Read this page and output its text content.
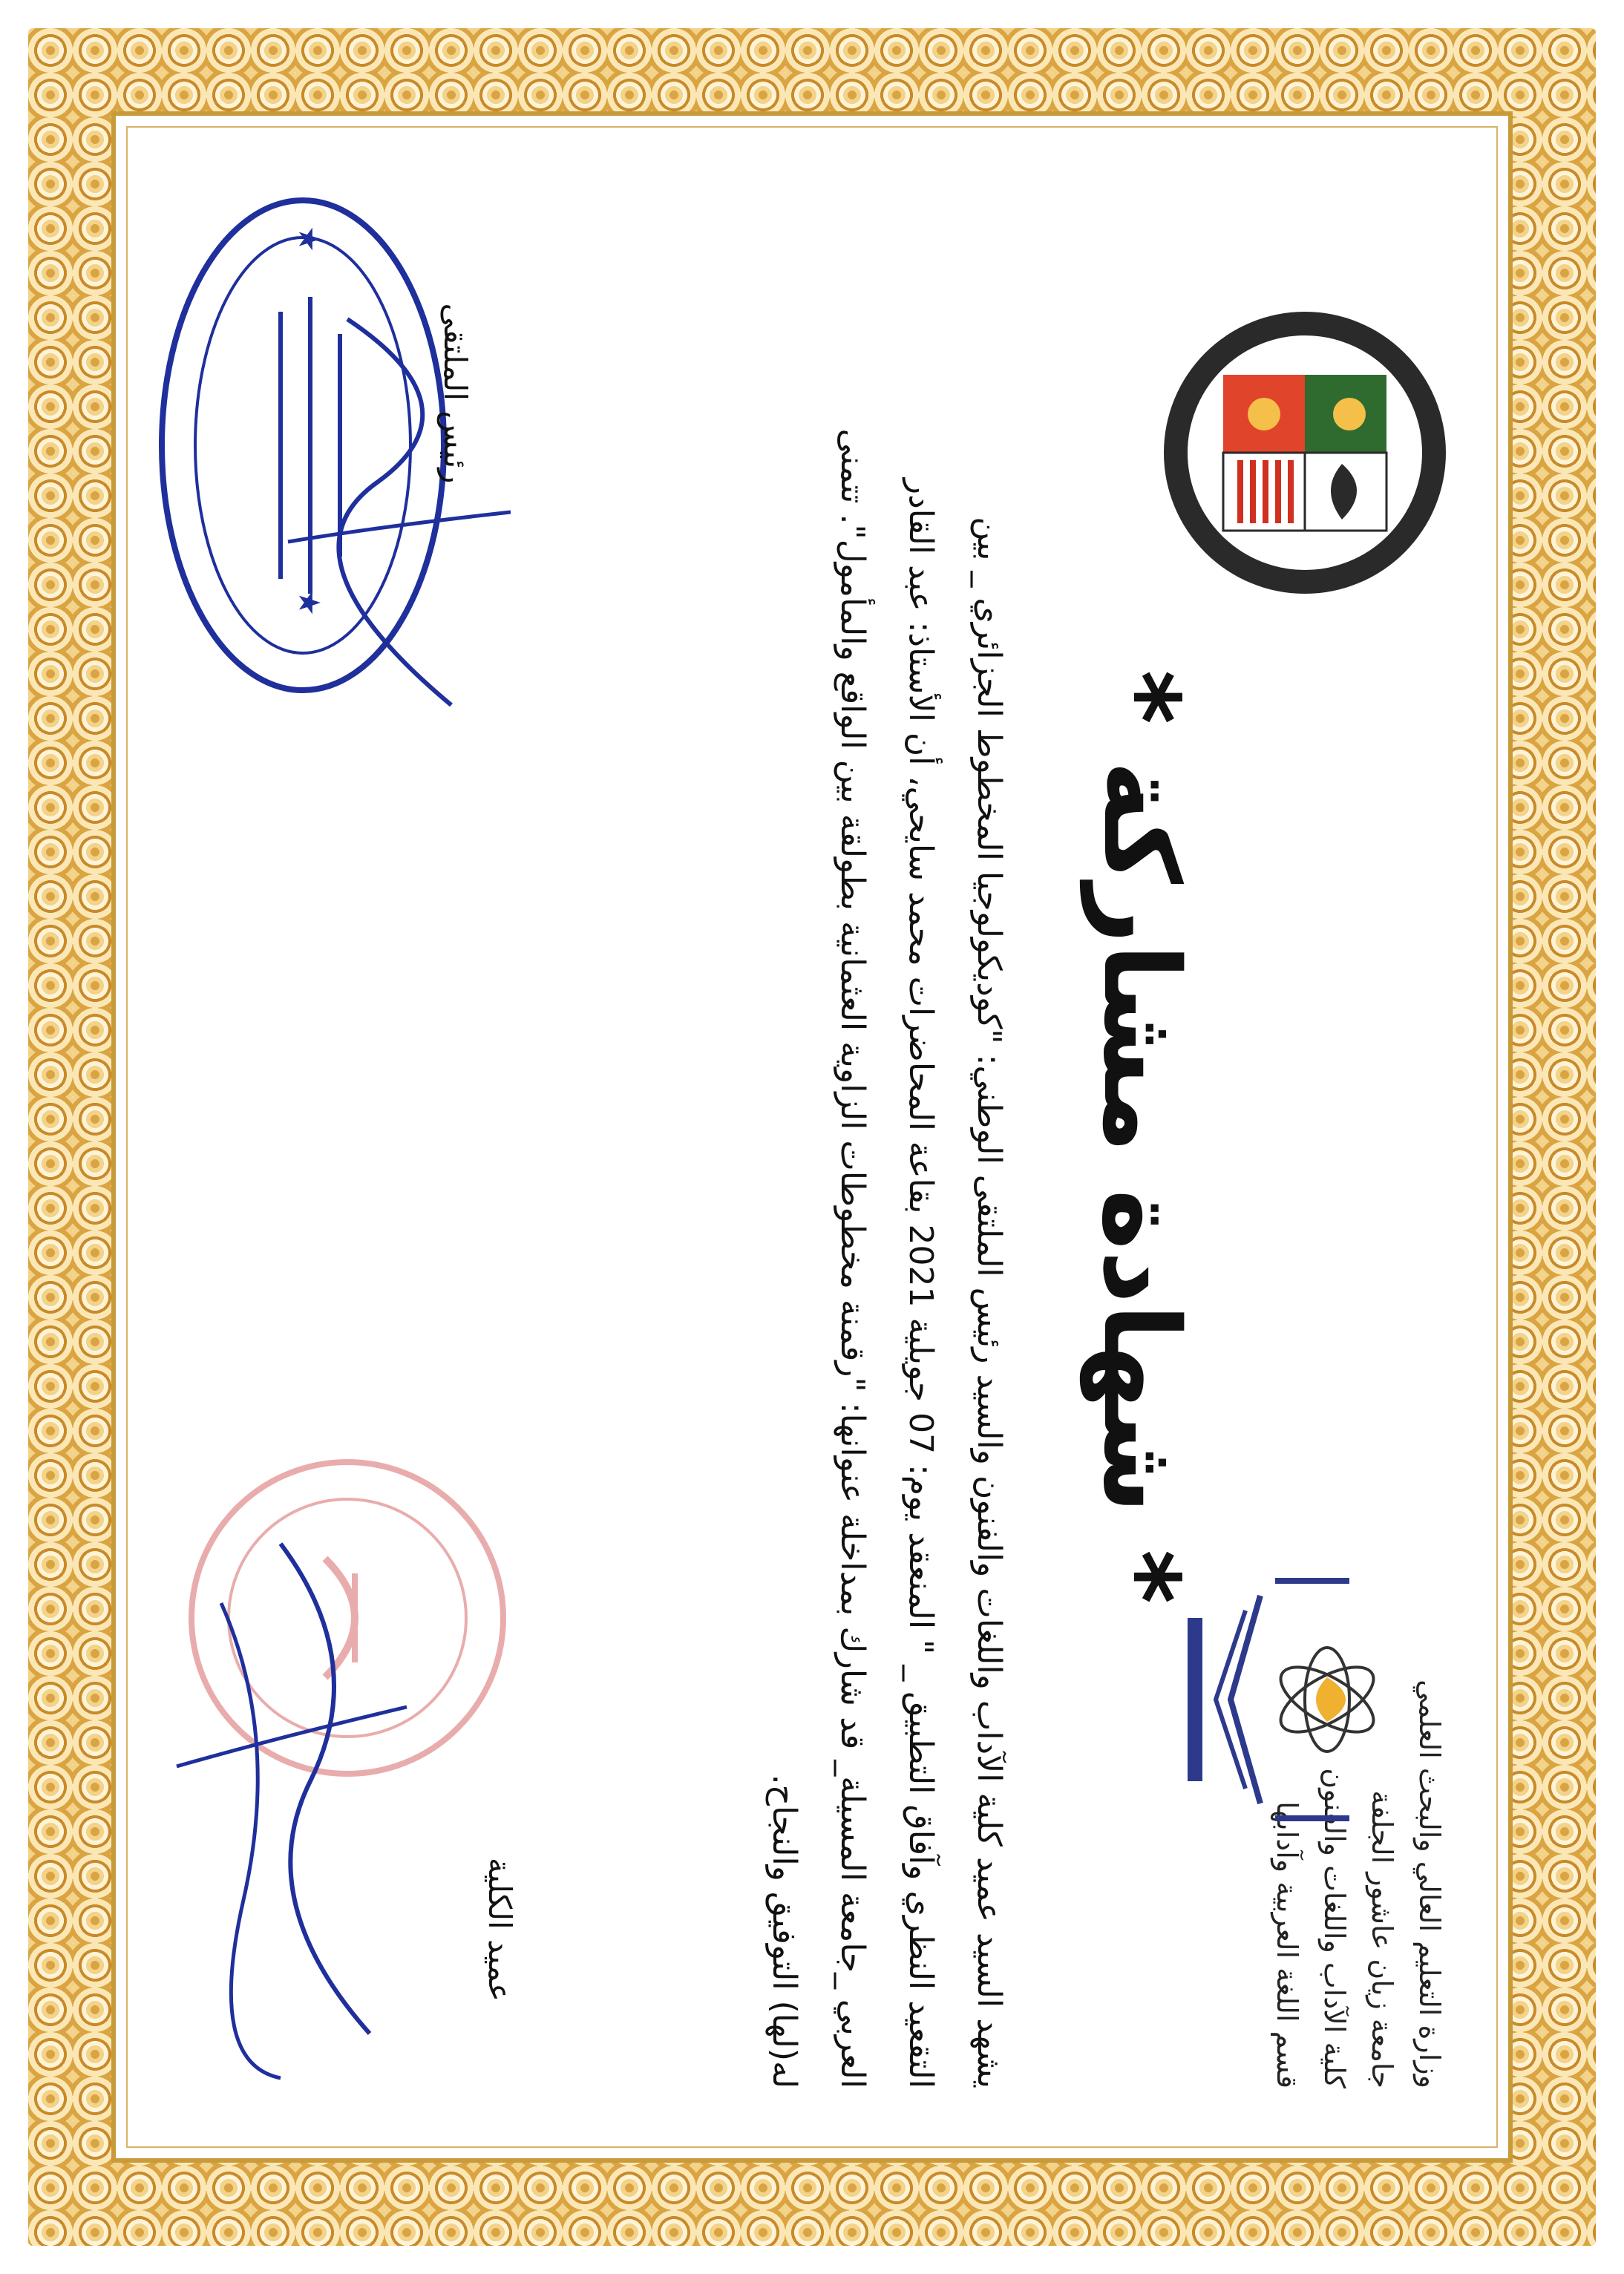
وزارة التعليم العالي والبحث العلمي
جامعة زيان عاشور الجلفة
كلية الآداب واللغات والفنون
قسم اللغة العربية وآدابها
* شهادة مشاركة *

يشهد السيد عميد كلية الآداب واللغات والفنون والسيد رئيس الملتقى الوطني: "كوديكولوجيا المخطوط الجزائري _ بين

التقعيد النظري وآفاق التطبيق _ " المنعقد يوم: 07 جويلية 2021 بقاعة المحاضرات محمد سايحي، أن الأستاذ: عبد القادر

العربي _جامعة المسيلة_ قد شارك بمداخلة عنوانها: "رقمنة مخطوطات الزاوية العثمانية بطولقة بين الواقع والمأمول". تتمنى

له(لها) التوفيق والنجاح.

عميد الكلية
★
★
رئيس الملتقى
